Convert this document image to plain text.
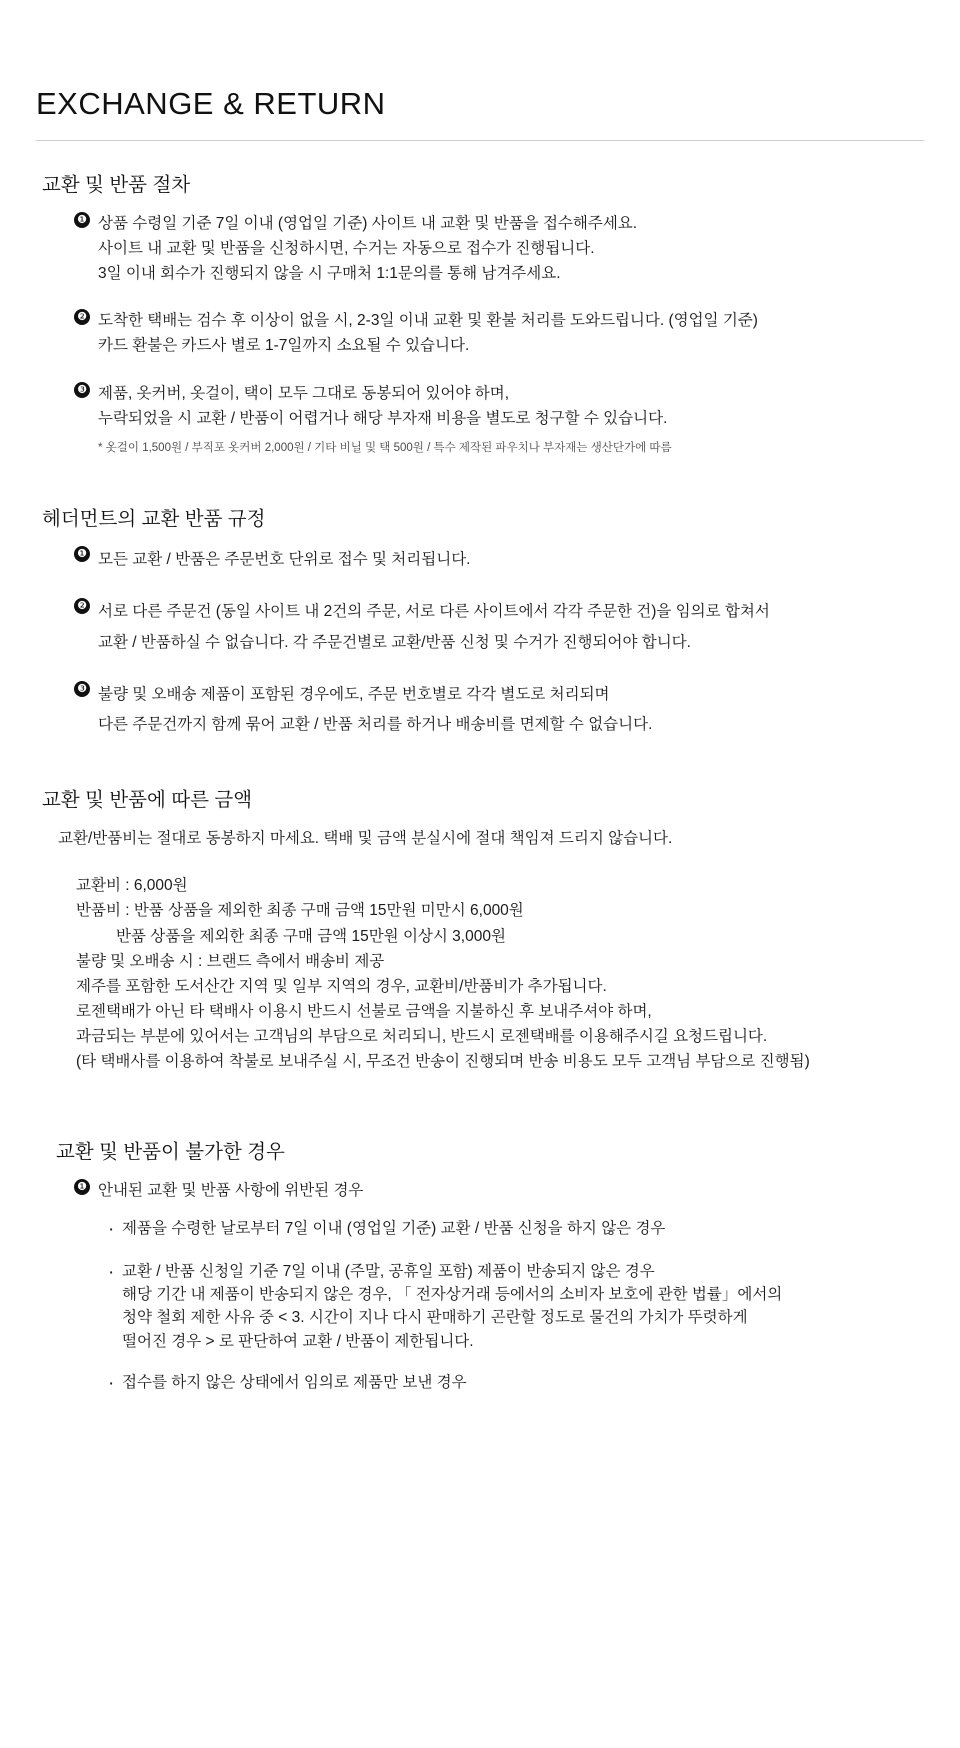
EXCHANGE & RETURN
교환 및 반품 절차
❶ 상품 수령일 기준 7일 이내 (영업일 기준) 사이트 내 교환 및 반품을 접수해주세요.
사이트 내 교환 및 반품을 신청하시면, 수거는 자동으로 접수가 진행됩니다.
3일 이내 회수가 진행되지 않을 시 구매처 1:1문의를 통해 남겨주세요.
❷ 도착한 택배는 검수 후 이상이 없을 시, 2-3일 이내 교환 및 환불 처리를 도와드립니다. (영업일 기준)
카드 환불은 카드사 별로 1-7일까지 소요될 수 있습니다.
❸ 제품, 옷커버, 옷걸이, 택이 모두 그대로 동봉되어 있어야 하며,
누락되었을 시 교환 / 반품이 어렵거나 해당 부자재 비용을 별도로 청구할 수 있습니다.
* 옷걸이 1,500원 / 부직포 옷커버 2,000원 / 기타 비닐 및 택 500원 / 특수 제작된 파우치나 부자재는 생산단가에 따름
헤더먼트의 교환 반품 규정
❶ 모든 교환 / 반품은 주문번호 단위로 접수 및 처리됩니다.
❷ 서로 다른 주문건 (동일 사이트 내 2건의 주문, 서로 다른 사이트에서 각각 주문한 건)을 임의로 합쳐서
교환 / 반품하실 수 없습니다. 각 주문건별로 교환/반품 신청 및 수거가 진행되어야 합니다.
❸ 불량 및 오배송 제품이 포함된 경우에도, 주문 번호별로 각각 별도로 처리되며
다른 주문건까지 함께 묶어 교환 / 반품 처리를 하거나 배송비를 면제할 수 없습니다.
교환 및 반품에 따른 금액
교환/반품비는 절대로 동봉하지 마세요. 택배 및 금액 분실시에 절대 책임져 드리지 않습니다.
교환비 : 6,000원
반품비 : 반품 상품을 제외한 최종 구매 금액 15만원 미만시 6,000원
반품 상품을 제외한 최종 구매 금액 15만원 이상시 3,000원
불량 및 오배송 시 : 브랜드 측에서 배송비 제공
제주를 포함한 도서산간 지역 및 일부 지역의 경우, 교환비/반품비가 추가됩니다.
로젠택배가 아닌 타 택배사 이용시 반드시 선불로 금액을 지불하신 후 보내주셔야 하며,
과금되는 부분에 있어서는 고객님의 부담으로 처리되니, 반드시 로젠택배를 이용해주시길 요청드립니다.
(타 택배사를 이용하여 착불로 보내주실 시, 무조건 반송이 진행되며 반송 비용도 모두 고객님 부담으로 진행됨)
교환 및 반품이 불가한 경우
❶ 안내된 교환 및 반품 사항에 위반된 경우
· 제품을 수령한 날로부터 7일 이내 (영업일 기준) 교환 / 반품 신청을 하지 않은 경우
· 교환 / 반품 신청일 기준 7일 이내 (주말, 공휴일 포함) 제품이 반송되지 않은 경우
해당 기간 내 제품이 반송되지 않은 경우, 「 전자상거래 등에서의 소비자 보호에 관한 법률」에서의
청약 철회 제한 사유 중 < 3. 시간이 지나 다시 판매하기 곤란할 정도로 물건의 가치가 뚜렷하게
떨어진 경우 > 로 판단하여 교환 / 반품이 제한됩니다.
· 접수를 하지 않은 상태에서 임의로 제품만 보낸 경우
